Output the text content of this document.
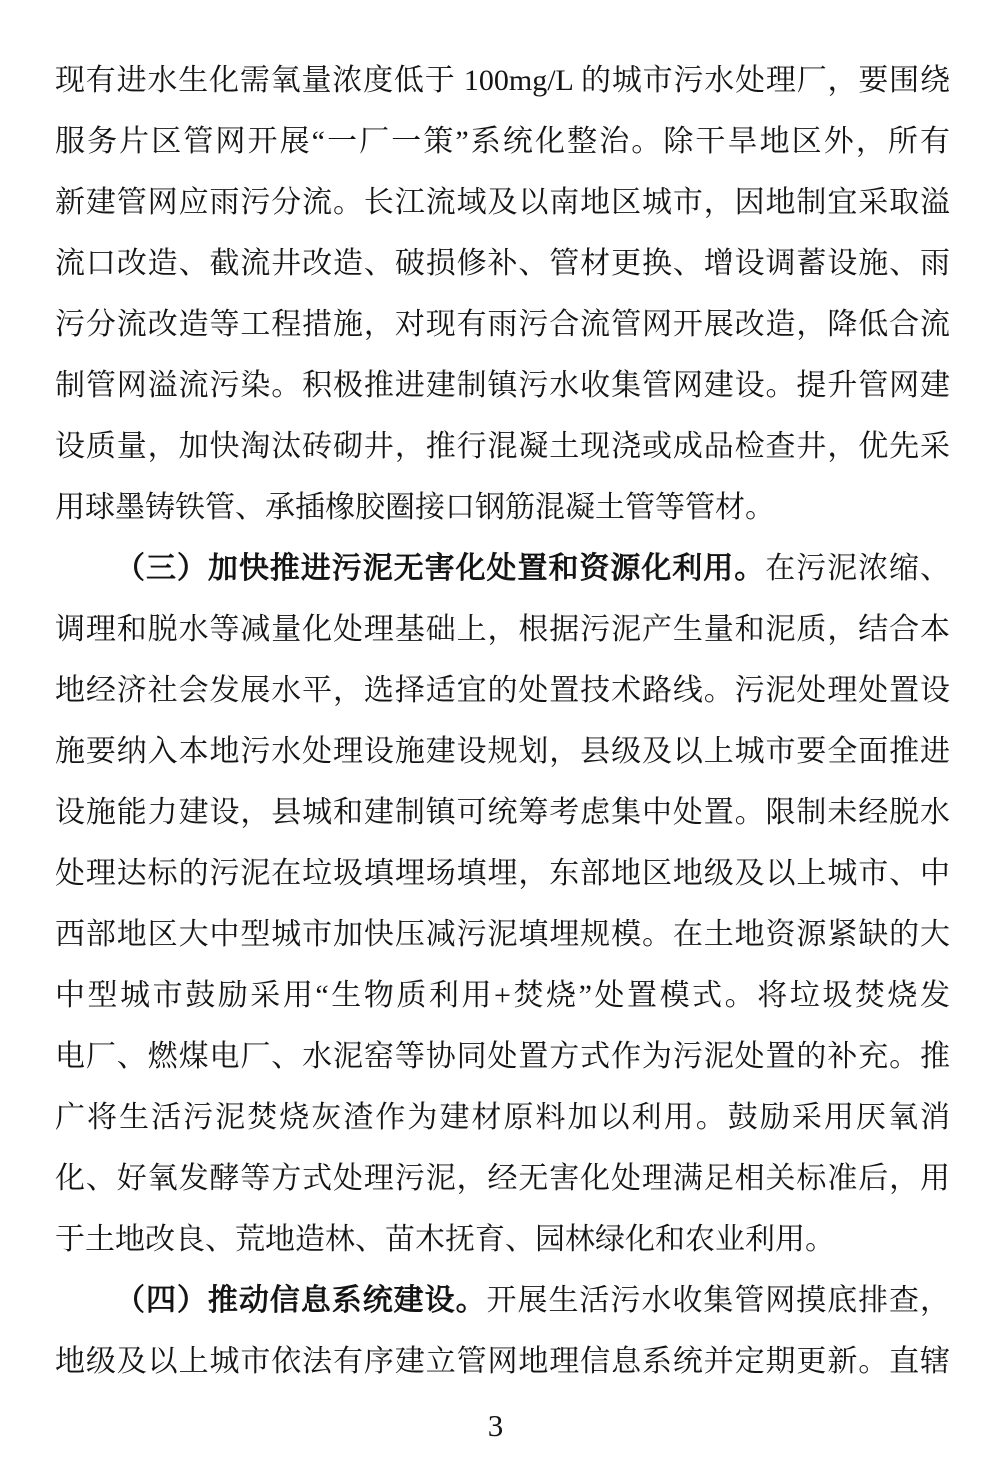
现有进水生化需氧量浓度低于 100mg/L 的城市污水处理厂，要围绕
服务片区管网开展“一厂一策”系统化整治。除干旱地区外，所有
新建管网应雨污分流。长江流域及以南地区城市，因地制宜采取溢
流口改造、截流井改造、破损修补、管材更换、增设调蓄设施、雨
污分流改造等工程措施，对现有雨污合流管网开展改造，降低合流
制管网溢流污染。积极推进建制镇污水收集管网建设。提升管网建
设质量，加快淘汰砖砌井，推行混凝土现浇或成品检查井，优先采
用球墨铸铁管、承插橡胶圈接口钢筋混凝土管等管材。
（三）加快推进污泥无害化处置和资源化利用。在污泥浓缩、
调理和脱水等减量化处理基础上，根据污泥产生量和泥质，结合本
地经济社会发展水平，选择适宜的处置技术路线。污泥处理处置设
施要纳入本地污水处理设施建设规划，县级及以上城市要全面推进
设施能力建设，县城和建制镇可统筹考虑集中处置。限制未经脱水
处理达标的污泥在垃圾填埋场填埋，东部地区地级及以上城市、中
西部地区大中型城市加快压减污泥填埋规模。在土地资源紧缺的大
中型城市鼓励采用“生物质利用+焚烧”处置模式。将垃圾焚烧发
电厂、燃煤电厂、水泥窑等协同处置方式作为污泥处置的补充。推
广将生活污泥焚烧灰渣作为建材原料加以利用。鼓励采用厌氧消
化、好氧发酵等方式处理污泥，经无害化处理满足相关标准后，用
于土地改良、荒地造林、苗木抚育、园林绿化和农业利用。
（四）推动信息系统建设。开展生活污水收集管网摸底排查，
地级及以上城市依法有序建立管网地理信息系统并定期更新。直辖
3
